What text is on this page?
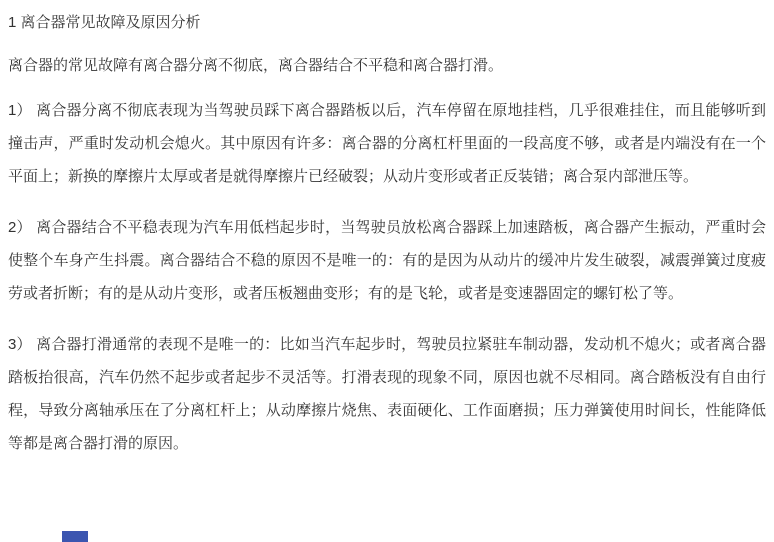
1 离合器常见故障及原因分析

离合器的常见故障有离合器分离不彻底，离合器结合不平稳和离合器打滑。

1） 离合器分离不彻底表现为当驾驶员踩下离合器踏板以后，汽车停留在原地挂档，几乎很难挂住，而且能够听到撞击声，严重时发动机会熄火。其中原因有许多：离合器的分离杠杆里面的一段高度不够，或者是内端没有在一个平面上；新换的摩擦片太厚或者是就得摩擦片已经破裂；从动片变形或者正反装错；离合泵内部泄压等。

2） 离合器结合不平稳表现为汽车用低档起步时，当驾驶员放松离合器踩上加速踏板，离合器产生振动，严重时会使整个车身产生抖震。离合器结合不稳的原因不是唯一的：有的是因为从动片的缓冲片发生破裂，减震弹簧过度疲劳或者折断；有的是从动片变形，或者压板翘曲变形；有的是飞轮，或者是变速器固定的螺钉松了等。

3） 离合器打滑通常的表现不是唯一的：比如当汽车起步时，驾驶员拉紧驻车制动器，发动机不熄火；或者离合器踏板抬很高，汽车仍然不起步或者起步不灵活等。打滑表现的现象不同，原因也就不尽相同。离合踏板没有自由行程，导致分离轴承压在了分离杠杆上；从动摩擦片烧焦、表面硬化、工作面磨损；压力弹簧使用时间长，性能降低等都是离合器打滑的原因。
